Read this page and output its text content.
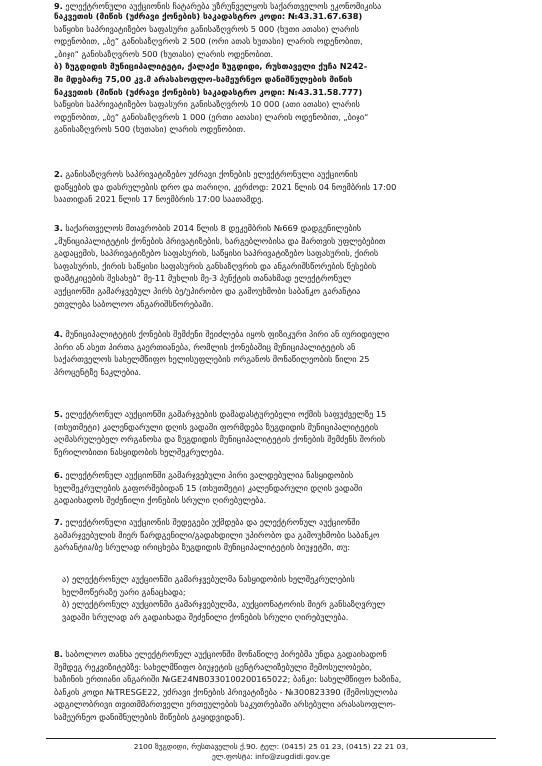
ნაკვეთის (მიწის (უძრავი ქონების) საკადასტრო კოდი: №43.31.67.638)
საწყისი საპრივატიზებო საფასური განისაზღვროს 5 000 (ხუთი ათასი) ლარის
ოდენობით, „ბე“ განისაზღვროს 2 500 (ორი ათას ხუთასი) ლარის ოდენობით,
„ბიჯი“ განისაზღვროს 500 (ხუთასი) ლარის ოდენობით.
ბ) ზუგდიდის მუნიციპალიტეტი, ქალაქი ზუგდიდი, რუსთაველი ქუჩა N242-
ში მდებარე 75,00 კვ.მ არასასოფლო-სამეურნეო დანიშნულების მიწის
ნაკვეთის (მიწის (უძრავი ქონების) საკადასტრო კოდი: №43.31.58.777)
საწყისი საპრივატიზებო საფასური განისაზღვროს 10 000 (ათი ათასი) ლარის
ოდენობით, „ბე“ განისაზღვროს 1 000 (ერთი ათასი) ლარის ოდენობით, „ბიჯი“
განისაზღვროს 500 (ხუთასი) ლარის ოდენობით.
2. განისაზღვროს საპრივატიზებო უძრავი ქონების ელექტრონული აუქციონის
დაწყების და დასრულების დრო და თარიღი, კერძოდ: 2021 წლის 04 ნოემბრის 17:00
საათიდან 2021 წლის 17 ნოემბრის 17:00 საათამდე.
3. საქართველოს მთავრობის 2014 წლის 8 დეკემბრის №669 დადგენილების
„მუნიციპალიტეტის ქონების პრივატიზების, სარგებლობისა და მართვის უფლებებით
გადაცემის, საპრივატიზებო საფასურის, საწყისი საპრივატიზებო საფასურის, ქირის
საფასურის, ქირის საწყისი საფასურის განსაზღვრის და ანგარიშსწორების წესების
დამტკიცების შესახებ“ მე-11 მუხლის მე-3 პუნქტის თანახმად ელექტრონულ
აუქციონში გამარჯვებულ პირს ბე/უპირობო და გამოუხმობი საბანკო გარანტია
ეთვლება საბოლოო ანგარიშსწორებაში.
4. მუნიციპალიტეტის ქონების შემძენი შეიძლება იყოს ფიზიკური პირი ან იურიდიული
პირი ან ასეთ პირთა გაერთიანება, რომლის ქონებაშიც მუნიციპალიტეტის ან
საქართველოს სახელმწიფო ხელისუფლების ორგანოს მონაწილეობის წილი 25
პროცენტზე ნაკლებია.
5. ელექტრონულ აუქციონში გამარჯვების დამადასტურებელი ოქმის საფუძველზე 15
(თხუთმეტი) კალენდარული დღის ვადაში ფორმდება ზუგდიდის მუნიციპალიტეტის
აღმასრულებელ ორგანოსა და ზუგდიდის მუნიციპალიტეტის ქონების შემძენს შორის
წერილობითი ნასყიდობის ხელშეკრულება.
6. ელექტრონულ აუქციონში გამარჯვებული პირი ვალდებულია ნასყიდობის
ხელშეკრულების გაფორმებიდან 15 (თხუთმეტი) კალენდარული დღის ვადაში
გადაიხადოს შეძენილი ქონების სრული ღირებულება.
7. ელექტრონული აუქციონის შედეგები უქმდება და ელექტრონულ აუქციონში
გამარჯვებულის მიერ წარდგენილი/გადახდილი უპირობო და გამოუხმობი საბანკო
გარანტია/ბე სრულად ირიცხება ზუგდიდის მუნიციპალიტეტის ბიუჯეტში, თუ:
ა) ელექტრონულ აუქციონში გამარჯვებულმა ნასყიდობის ხელშეკრულების
ხელმოწერაზე უარი განაცხადა;
ბ) ელექტრონულ აუქციონში გამარჯვებულმა, აუქციონატორის მიერ განსაზღვრულ
ვადაში სრულად არ გადაიხადა შეძენილი ქონების სრული ღირებულება.
8. საბოლოო თანხა ელექტრონულ აუქციონში მონაწილე პირებმა უნდა გადაიხადონ
შემდეგ რეკვიზიტებზე: სახელმწიფო ბიუჯეტის ცენტრალიზებული შემოსულობები,
ხაზინის ერთიანი ანგარიში №GE24NB0330100200165022; ბანკი: სახელმწიფო ხაზინა,
ბანკის კოდი №TRESGE22, უძრავი ქონების პრივატიზება - №300823390 (შემოსულობა
ადგილობრივი თვითმმართველი ერთეულების საკუთრებაში არსებული არასასოფლო-
სამეურნეო დანიშნულების მიწების გაყიდვიდან).
9. ელექტრონული აუქციონის ჩატარება უზრუნველყოს საქართველოს ეკონომიკისა
2100 ზუგდიდი, რუსთაველის ქ.90. ტელ: (0415) 25 01 23, (0415) 22 21 03,
ელ.ფოსტა: info@zugdidi.gov.ge
